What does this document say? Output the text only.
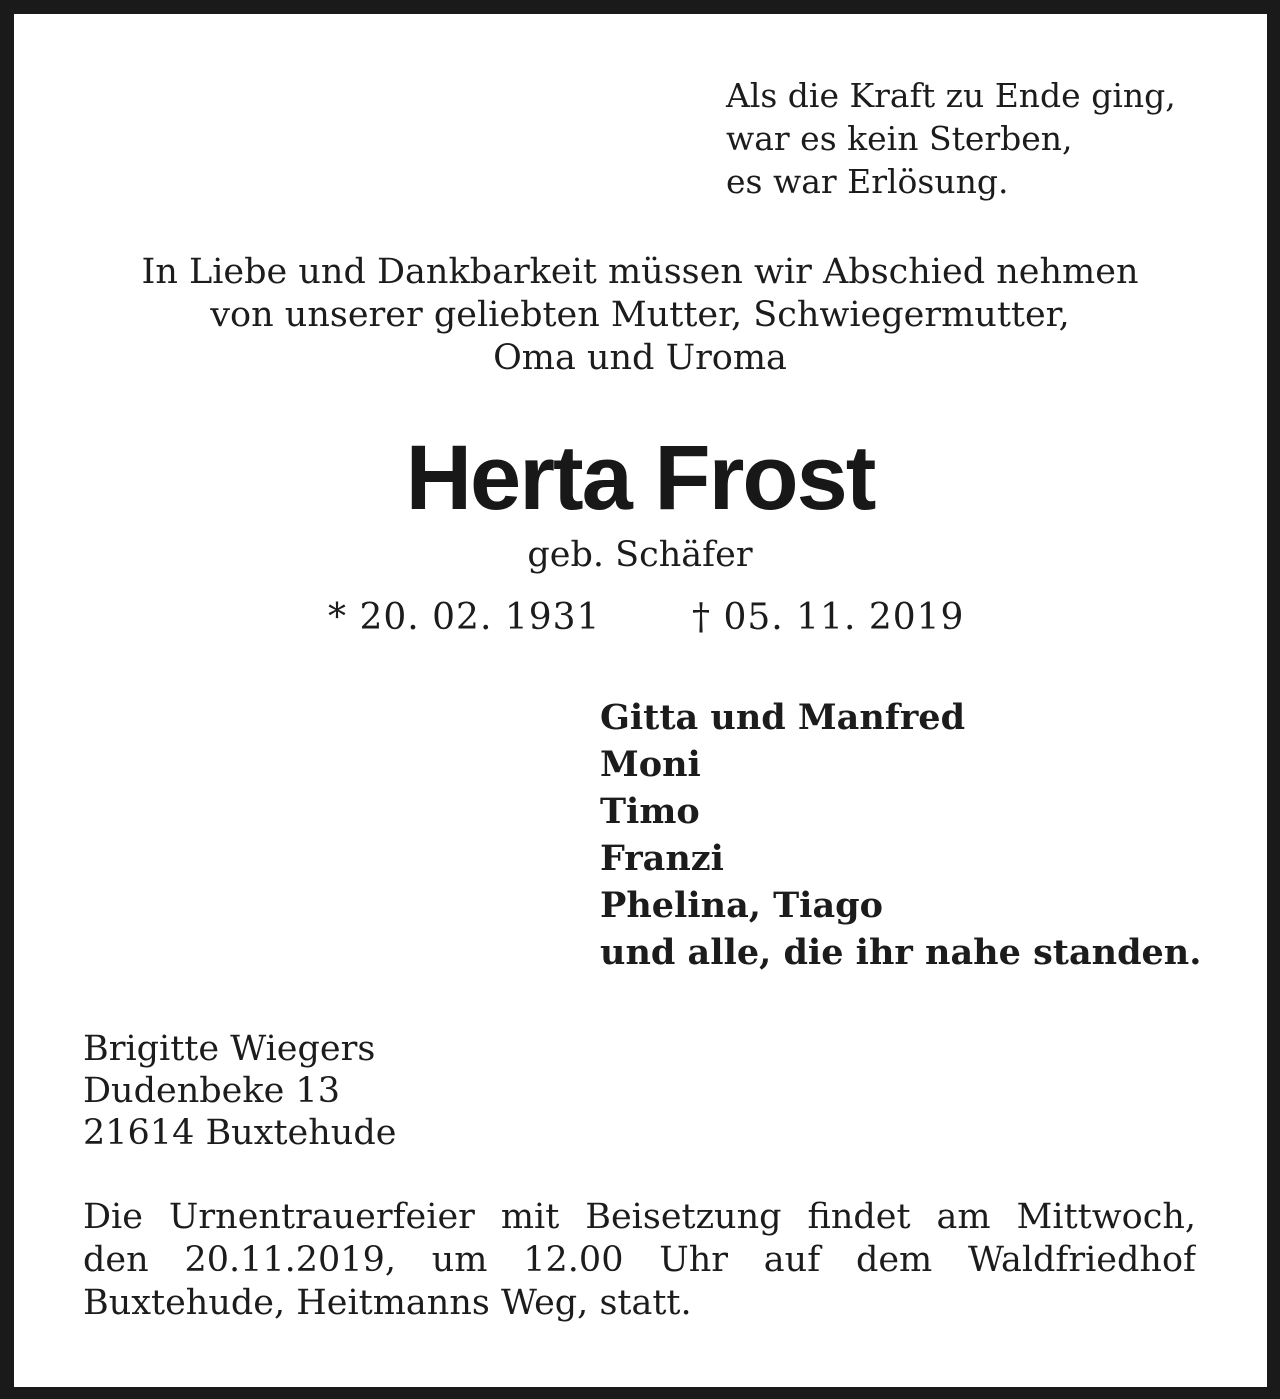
Als die Kraft zu Ende ging,
war es kein Sterben,
es war Erlösung.
In Liebe und Dankbarkeit müssen wir Abschied nehmen
von unserer geliebten Mutter, Schwiegermutter,
Oma und Uroma
Herta Frost
geb. Schäfer
* 20. 02. 1931	† 05. 11. 2019
Gitta und Manfred
Moni
Timo
Franzi
Phelina, Tiago
und alle, die ihr nahe standen.
Brigitte Wiegers
Dudenbeke 13
21614 Buxtehude
Die Urnentrauerfeier mit Beisetzung findet am Mittwoch,
den 20.11.2019, um 12.00 Uhr auf dem Waldfriedhof
Buxtehude, Heitmanns Weg, statt.
